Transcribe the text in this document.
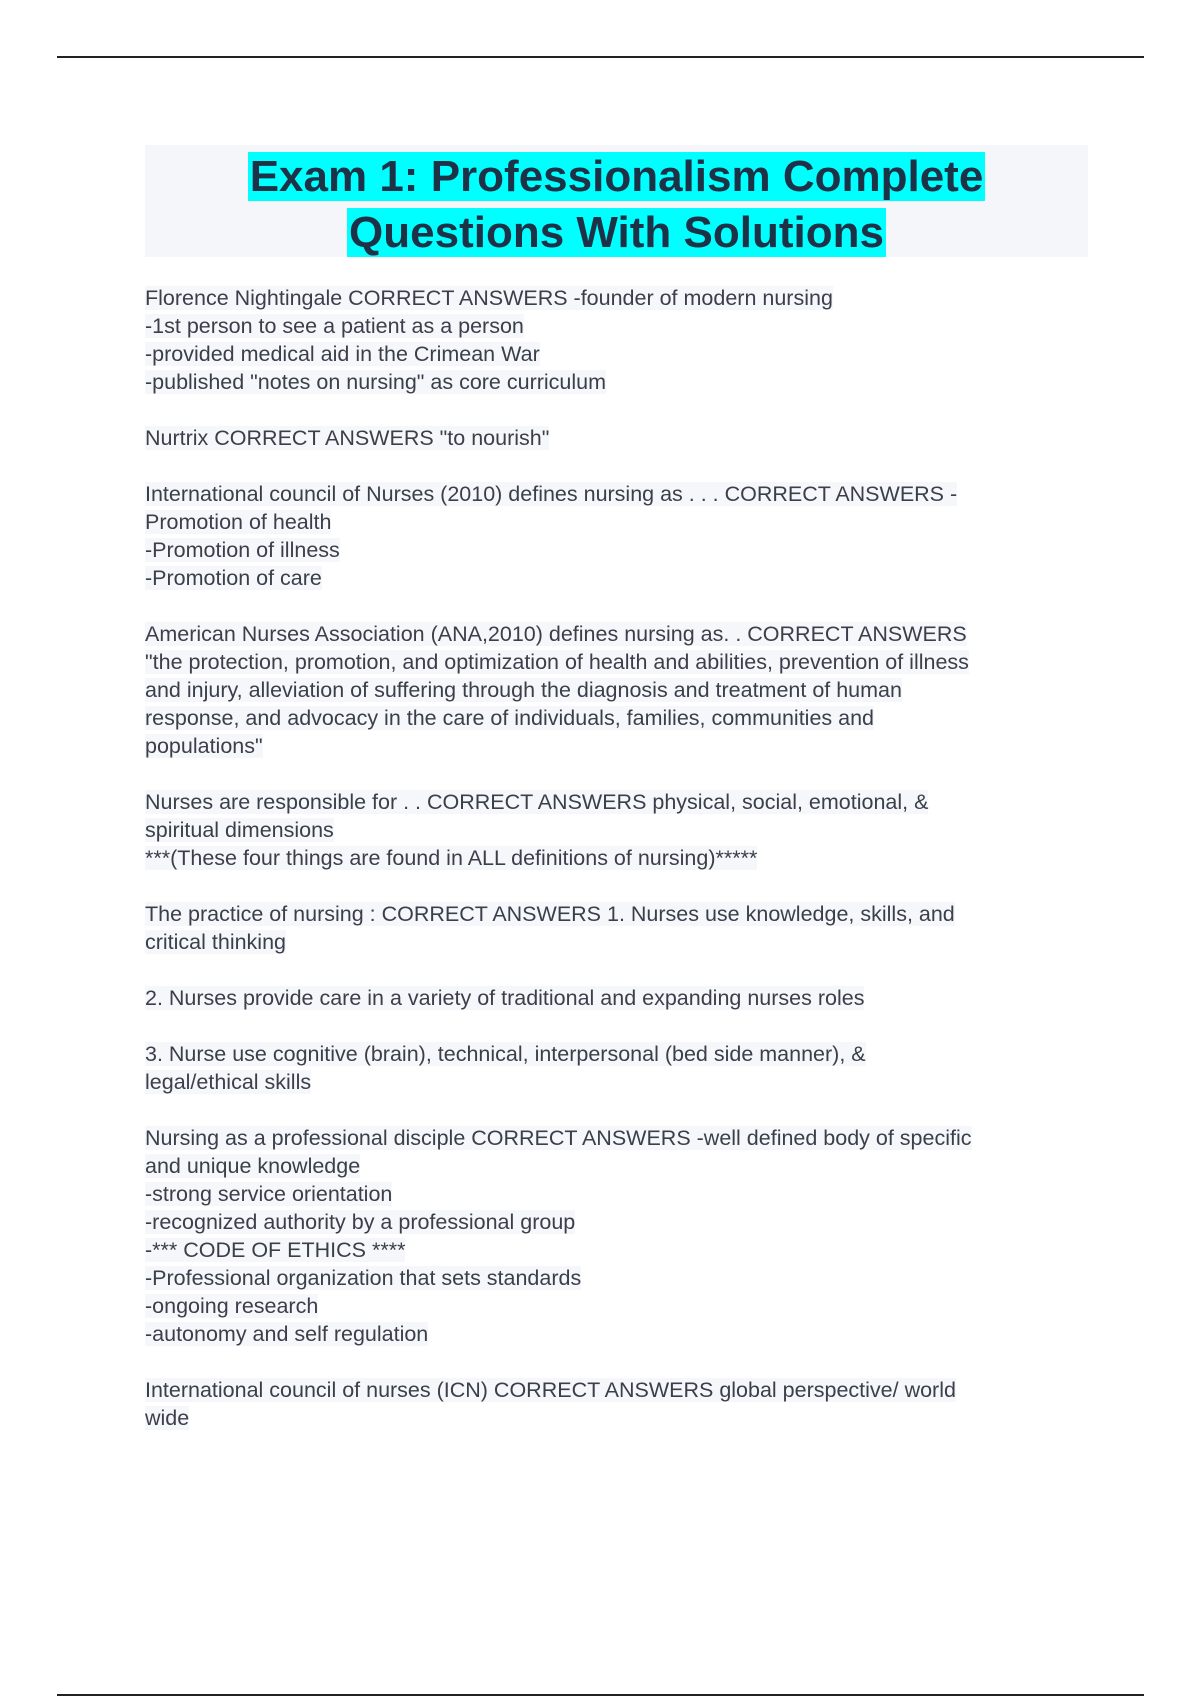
Exam 1: Professionalism Complete
Questions With Solutions
Florence Nightingale CORRECT ANSWERS -founder of modern nursing
-1st person to see a patient as a person
-provided medical aid in the Crimean War
-published "notes on nursing" as core curriculum
Nurtrix CORRECT ANSWERS "to nourish"
International council of Nurses (2010) defines nursing as . . . CORRECT ANSWERS -
Promotion of health
-Promotion of illness
-Promotion of care
American Nurses Association (ANA,2010) defines nursing as. . CORRECT ANSWERS
"the protection, promotion, and optimization of health and abilities, prevention of illness
and injury, alleviation of suffering through the diagnosis and treatment of human
response, and advocacy in the care of individuals, families, communities and
populations"
Nurses are responsible for . . CORRECT ANSWERS physical, social, emotional, &
spiritual dimensions
***(These four things are found in ALL definitions of nursing)*****
The practice of nursing : CORRECT ANSWERS 1. Nurses use knowledge, skills, and
critical thinking
2. Nurses provide care in a variety of traditional and expanding nurses roles
3. Nurse use cognitive (brain), technical, interpersonal (bed side manner), &
legal/ethical skills
Nursing as a professional disciple CORRECT ANSWERS -well defined body of specific
and unique knowledge
-strong service orientation
-recognized authority by a professional group
-*** CODE OF ETHICS ****
-Professional organization that sets standards
-ongoing research
-autonomy and self regulation
International council of nurses (ICN) CORRECT ANSWERS global perspective/ world
wide
